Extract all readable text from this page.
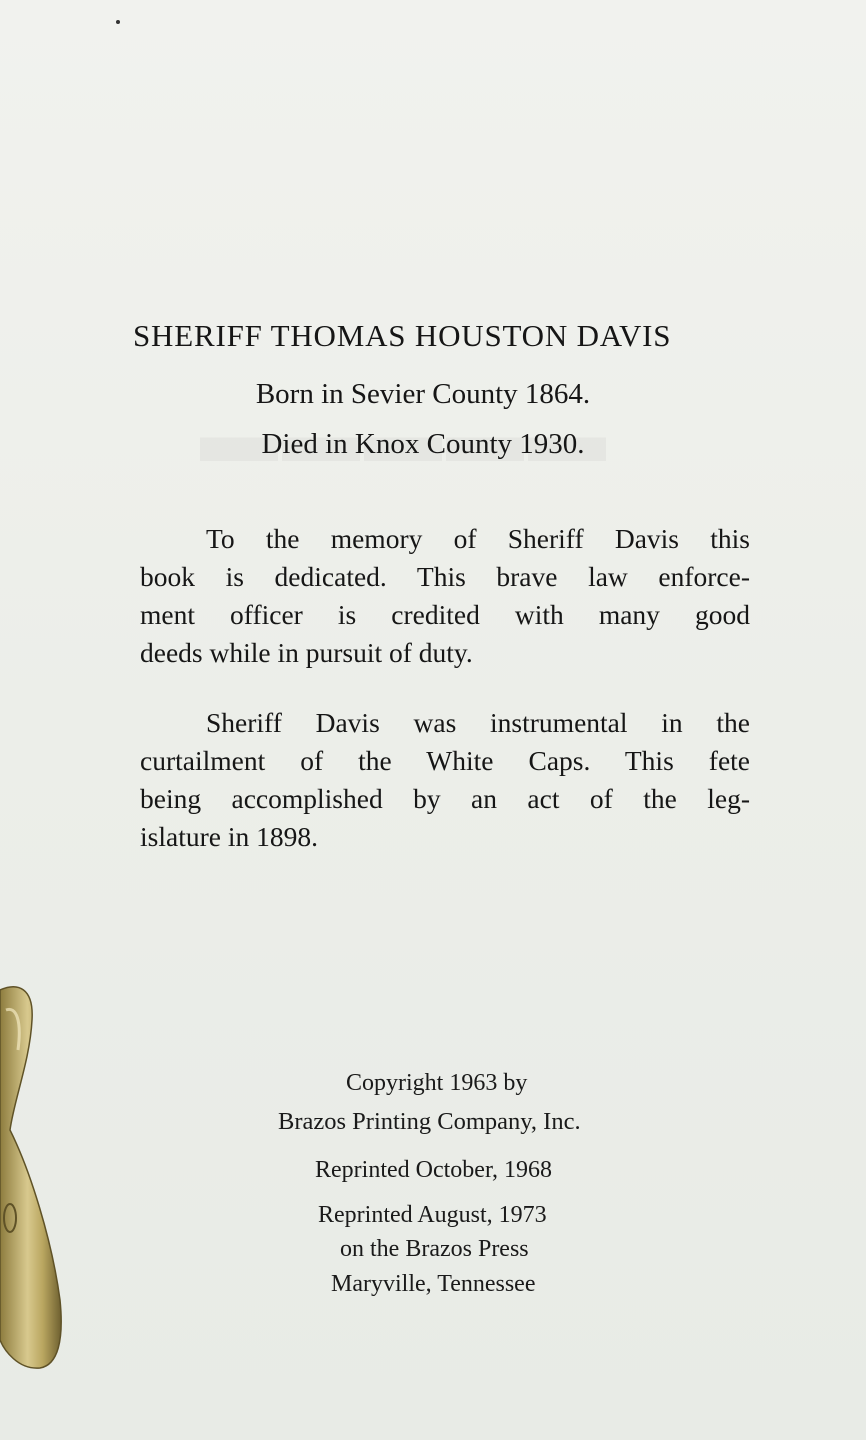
SHERIFF THOMAS HOUSTON DAVIS
Born in Sevier County 1864.
Died in Knox County 1930.
To the memory of Sheriff Davis this
book is dedicated. This brave law enforce-
ment officer is credited with many good
deeds while in pursuit of duty.
Sheriff Davis was instrumental in the
curtailment of the White Caps. This fete
being accomplished by an act of the leg-
islature in 1898.
Copyright 1963 by
Brazos Printing Company, Inc.
Reprinted October, 1968
Reprinted August, 1973
on the Brazos Press
Maryville, Tennessee
